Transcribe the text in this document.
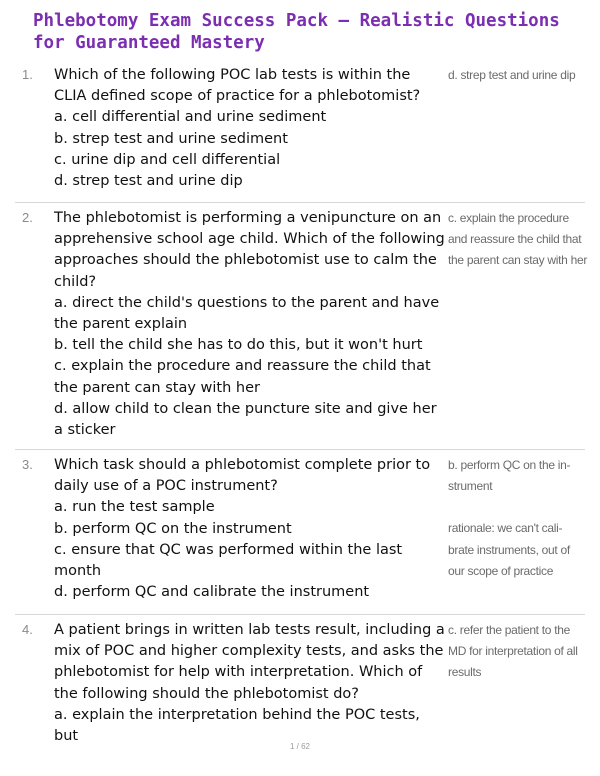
Phlebotomy Exam Success Pack – Realistic Questions for Guaranteed Mastery
1. Which of the following POC lab tests is within the CLIA defined scope of practice for a phlebotomist?
a. cell differential and urine sediment
b. strep test and urine sediment
c. urine dip and cell differential
d. strep test and urine dip
d. strep test and urine dip
2. The phlebotomist is performing a venipuncture on an apprehensive school age child. Which of the following approaches should the phlebotomist use to calm the child?
a. direct the child's questions to the parent and have the parent explain
b. tell the child she has to do this, but it won't hurt
c. explain the procedure and reassure the child that the parent can stay with her
d. allow child to clean the puncture site and give her a sticker
c. explain the procedure and reassure the child that the parent can stay with her
3. Which task should a phlebotomist complete prior to daily use of a POC instrument?
a. run the test sample
b. perform QC on the instrument
c. ensure that QC was performed within the last month
d. perform QC and calibrate the instrument
b. perform QC on the in- strument
rationale: we can't cali- brate instruments, out of our scope of practice
4. A patient brings in written lab tests result, including a mix of POC and higher complexity tests, and asks the phlebotomist for help with interpretation. Which of the following should the phlebotomist do?
a. explain the interpretation behind the POC tests, but
c. refer the patient to the MD for interpretation of all results
1 / 62
